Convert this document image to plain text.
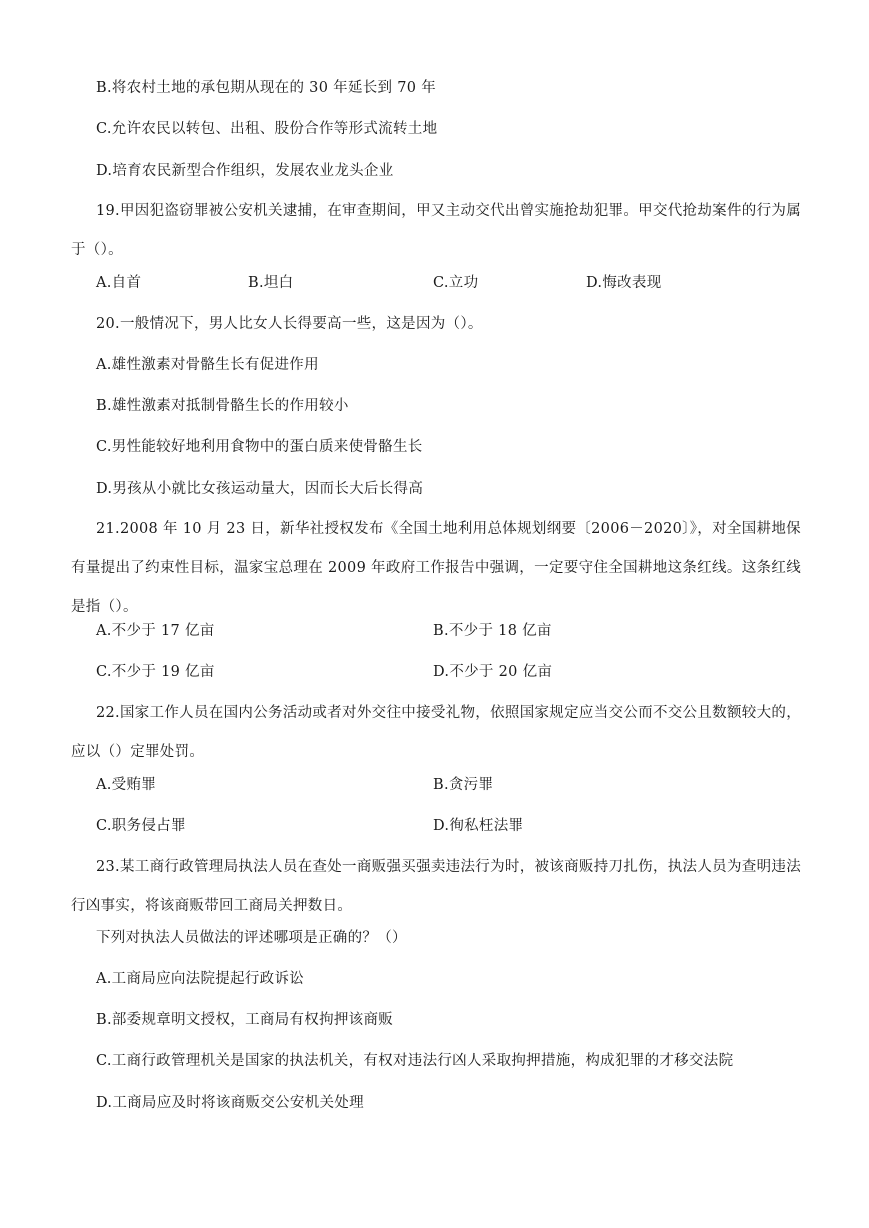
B.将农村土地的承包期从现在的 30 年延长到 70 年
C.允许农民以转包、出租、股份合作等形式流转土地
D.培育农民新型合作组织，发展农业龙头企业
19.甲因犯盗窃罪被公安机关逮捕，在审查期间，甲又主动交代出曾实施抢劫犯罪。甲交代抢劫案件的行为属于（）。
A.自首	B.坦白	C.立功	D.悔改表现
20.一般情况下，男人比女人长得要高一些，这是因为（）。
A.雄性激素对骨骼生长有促进作用
B.雄性激素对抵制骨骼生长的作用较小
C.男性能较好地利用食物中的蛋白质来使骨骼生长
D.男孩从小就比女孩运动量大，因而长大后长得高
21.2008 年 10 月 23 日，新华社授权发布《全国土地利用总体规划纲要〔2006－2020〕》，对全国耕地保有量提出了约束性目标，温家宝总理在 2009 年政府工作报告中强调，一定要守住全国耕地这条红线。这条红线是指（）。
A.不少于 17 亿亩	B.不少于 18 亿亩
C.不少于 19 亿亩	D.不少于 20 亿亩
22.国家工作人员在国内公务活动或者对外交往中接受礼物，依照国家规定应当交公而不交公且数额较大的，应以（）定罪处罚。
A.受贿罪	B.贪污罪
C.职务侵占罪	D.徇私枉法罪
23.某工商行政管理局执法人员在查处一商贩强买强卖违法行为时，被该商贩持刀扎伤，执法人员为查明违法行凶事实，将该商贩带回工商局关押数日。
下列对执法人员做法的评述哪项是正确的？（）
A.工商局应向法院提起行政诉讼
B.部委规章明文授权，工商局有权拘押该商贩
C.工商行政管理机关是国家的执法机关，有权对违法行凶人采取拘押措施，构成犯罪的才移交法院
D.工商局应及时将该商贩交公安机关处理
